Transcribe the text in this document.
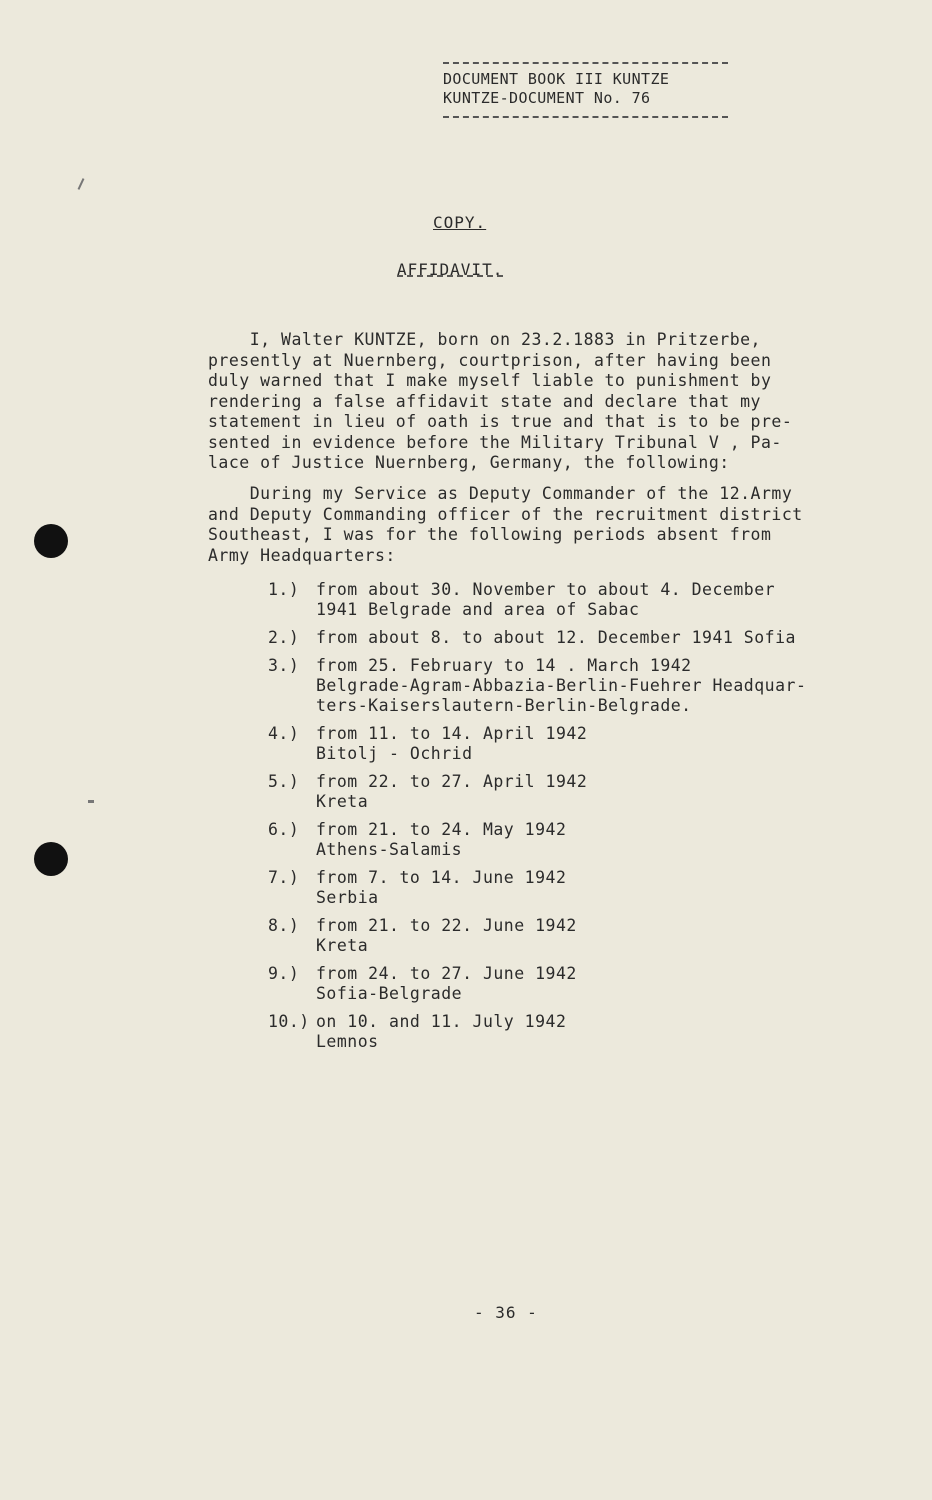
DOCUMENT BOOK III KUNTZE
KUNTZE-DOCUMENT No. 76
COPY.
AFFIDAVIT.
I, Walter KUNTZE, born on 23.2.1883 in Pritzerbe,
presently at Nuernberg, courtprison, after having been
duly warned that I make myself liable to punishment by
rendering a false affidavit state and declare that my
statement in lieu of oath is true and that is to be pre-
sented in evidence before the Military Tribunal V , Pa-
lace of Justice Nuernberg, Germany, the following:
During my Service as Deputy Commander of the 12.Army
and Deputy Commanding officer of the recruitment district
Southeast, I was for the following periods absent from
Army Headquarters:
1.)	from about 30. November to about 4. December
1941 Belgrade and area of Sabac
2.)	from about 8. to about 12. December 1941 Sofia
3.)	from 25. February to 14 . March 1942
Belgrade-Agram-Abbazia-Berlin-Fuehrer Headquar-
ters-Kaiserslautern-Berlin-Belgrade.
4.)	from 11. to 14. April 1942
Bitolj - Ochrid
5.)	from 22. to 27. April 1942
Kreta
6.)	from 21. to 24. May 1942
Athens-Salamis
7.)	from 7. to 14. June 1942
Serbia
8.)	from 21. to 22. June 1942
Kreta
9.)	from 24. to 27. June 1942
Sofia-Belgrade
10.) on 10. and 11. July 1942
Lemnos
- 36 -
